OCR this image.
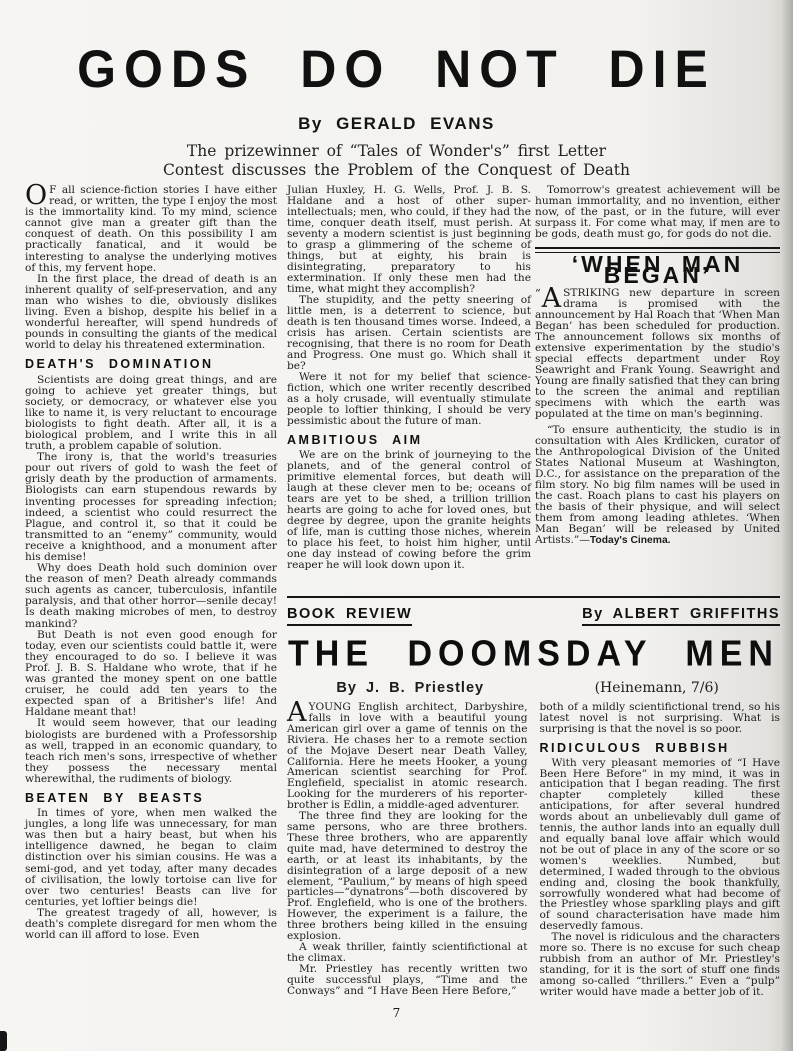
GODS DO NOT DIE
By GERALD EVANS
The prizewinner of “Tales of Wonder's” first Letter
Contest discusses the Problem of the Conquest of Death

O F all science-fiction stories I have either read, or written, the type I enjoy the most is the immortality kind. To my mind, science cannot give man a greater gift than the conquest of death. On this possibility I am practically fanatical, and it would be interesting to analyse the underlying motives of this, my fervent hope.

In the first place, the dread of death is an inherent quality of self-preservation, and any man who wishes to die, obviously dislikes living. Even a bishop, despite his belief in a wonderful hereafter, will spend hundreds of pounds in consulting the giants of the medical world to delay his threatened extermination.

DEATH'S DOMINATION

Scientists are doing great things, and are going to achieve yet greater things, but society, or democracy, or whatever else you like to name it, is very reluctant to encourage biologists to fight death. After all, it is a biological problem, and I write this in all truth, a problem capable of solution.

The irony is, that the world's treasuries pour out rivers of gold to wash the feet of grisly death by the production of armaments. Biologists can earn stupendous rewards by inventing processes for spreading infection; indeed, a scientist who could resurrect the Plague, and control it, so that it could be transmitted to an “enemy” community, would receive a knighthood, and a monument after his demise!

Why does Death hold such dominion over the reason of men? Death already commands such agents as cancer, tuberculosis, infantile paralysis, and that other horror—senile decay! Is death making microbes of men, to destroy mankind?

But Death is not even good enough for today, even our scientists could battle it, were they encouraged to do so. I believe it was Prof. J. B. S. Haldane who wrote, that if he was granted the money spent on one battle cruiser, he could add ten years to the expected span of a Britisher's life! And Haldane meant that!

It would seem however, that our leading biologists are burdened with a Professorship as well, trapped in an economic quandary, to teach rich men's sons, irrespective of whether they possess the necessary mental wherewithal, the rudiments of biology.

BEATEN BY BEASTS

In times of yore, when men walked the jungles, a long life was unnecessary, for man was then but a hairy beast, but when his intelligence dawned, he began to claim distinction over his simian cousins. He was a semi-god, and yet today, after many decades of civilisation, the lowly tortoise can live for over two centuries! Beasts can live for centuries, yet loftier beings die!

The greatest tragedy of all, however, is death's complete disregard for men whom the world can ill afford to lose. Even

Julian Huxley, H. G. Wells, Prof. J. B. S. Haldane and a host of other super-intellectuals; men, who could, if they had the time, conquer death itself, must perish. At seventy a modern scientist is just beginning to grasp a glimmering of the scheme of things, but at eighty, his brain is disintegrating, preparatory to his extermination. If only these men had the time, what might they accomplish?

The stupidity, and the petty sneering of little men, is a deterrent to science, but death is ten thousand times worse. Indeed, a crisis has arisen. Certain scientists are recognising, that there is no room for Death and Progress. One must go. Which shall it be?

Were it not for my belief that science-fiction, which one writer recently described as a holy crusade, will eventually stimulate people to loftier thinking, I should be very pessimistic about the future of man.

AMBITIOUS AIM

We are on the brink of journeying to the planets, and of the general control of primitive elemental forces, but death will laugh at these clever men to be; oceans of tears are yet to be shed, a trillion trillion hearts are going to ache for loved ones, but degree by degree, upon the granite heights of life, man is cutting those niches, wherein to place his feet, to hoist him higher, until one day instead of cowing before the grim reaper he will look down upon it.

Tomorrow's greatest achievement will be human immortality, and no invention, either now, of the past, or in the future, will ever surpass it. For come what may, if men are to be gods, death must go, for gods do not die.

‘WHEN MAN BEGAN’

“ A STRIKING new departure in screen drama is promised with the announcement by Hal Roach that ‘When Man Began’ has been scheduled for production. The announcement follows six months of extensive experimentation by the studio's special effects department under Roy Seawright and Frank Young. Seawright and Young are finally satisfied that they can bring to the screen the animal and reptilian specimens with which the earth was populated at the time on man's beginning.

“To ensure authenticity, the studio is in consultation with Ales Krdlicken, curator of the Anthropological Division of the United States National Museum at Washington, D.C., for assistance on the preparation of the film story. No big film names will be used in the cast. Roach plans to cast his players on the basis of their physique, and will select them from among leading athletes. ‘When Man Began’ will be released by United Artists.”—Today's Cinema.

BOOK REVIEW	By ALBERT GRIFFITHS
THE DOOMSDAY MEN
By J. B. Priestley	(Heinemann, 7/6)

AYOUNG English architect, Darbyshire, falls in love with a beautiful young American girl over a game of tennis on the Riviera. He chases her to a remote section of the Mojave Desert near Death Valley, California. Here he meets Hooker, a young American scientist searching for Prof. Englefield, specialist in atomic research. Looking for the murderers of his reporter-brother is Edlin, a middle-aged adventurer.

The three find they are looking for the same persons, who are three brothers. These three brothers, who are apparently quite mad, have determined to destroy the earth, or at least its inhabitants, by the disintegration of a large deposit of a new element, “Paulium,” by means of high speed particles—“dynatrons”—both discovered by Prof. Englefield, who is one of the brothers. However, the experiment is a failure, the three brothers being killed in the ensuing explosion.

A weak thriller, faintly scientifictional at the climax.

Mr. Priestley has recently written two quite successful plays, “Time and the Conways” and “I Have Been Here Before,”

both of a mildly scientifictional trend, so his latest novel is not surprising. What is surprising is that the novel is so poor.

RIDICULOUS RUBBISH

With very pleasant memories of “I Have Been Here Before” in my mind, it was in anticipation that I began reading. The first chapter completely killed these anticipations, for after several hundred words about an unbelievably dull game of tennis, the author lands into an equally dull and equally banal love affair which would not be out of place in any of the score or so women's weeklies. Numbed, but determined, I waded through to the obvious ending and, closing the book thankfully, sorrowfully wondered what had become of the Priestley whose sparkling plays and gift of sound characterisation have made him deservedly famous.

The novel is ridiculous and the characters more so. There is no excuse for such cheap rubbish from an author of Mr. Priestley's standing, for it is the sort of stuff one finds among so-called “thrillers.” Even a “pulp” writer would have made a better job of it.

7
